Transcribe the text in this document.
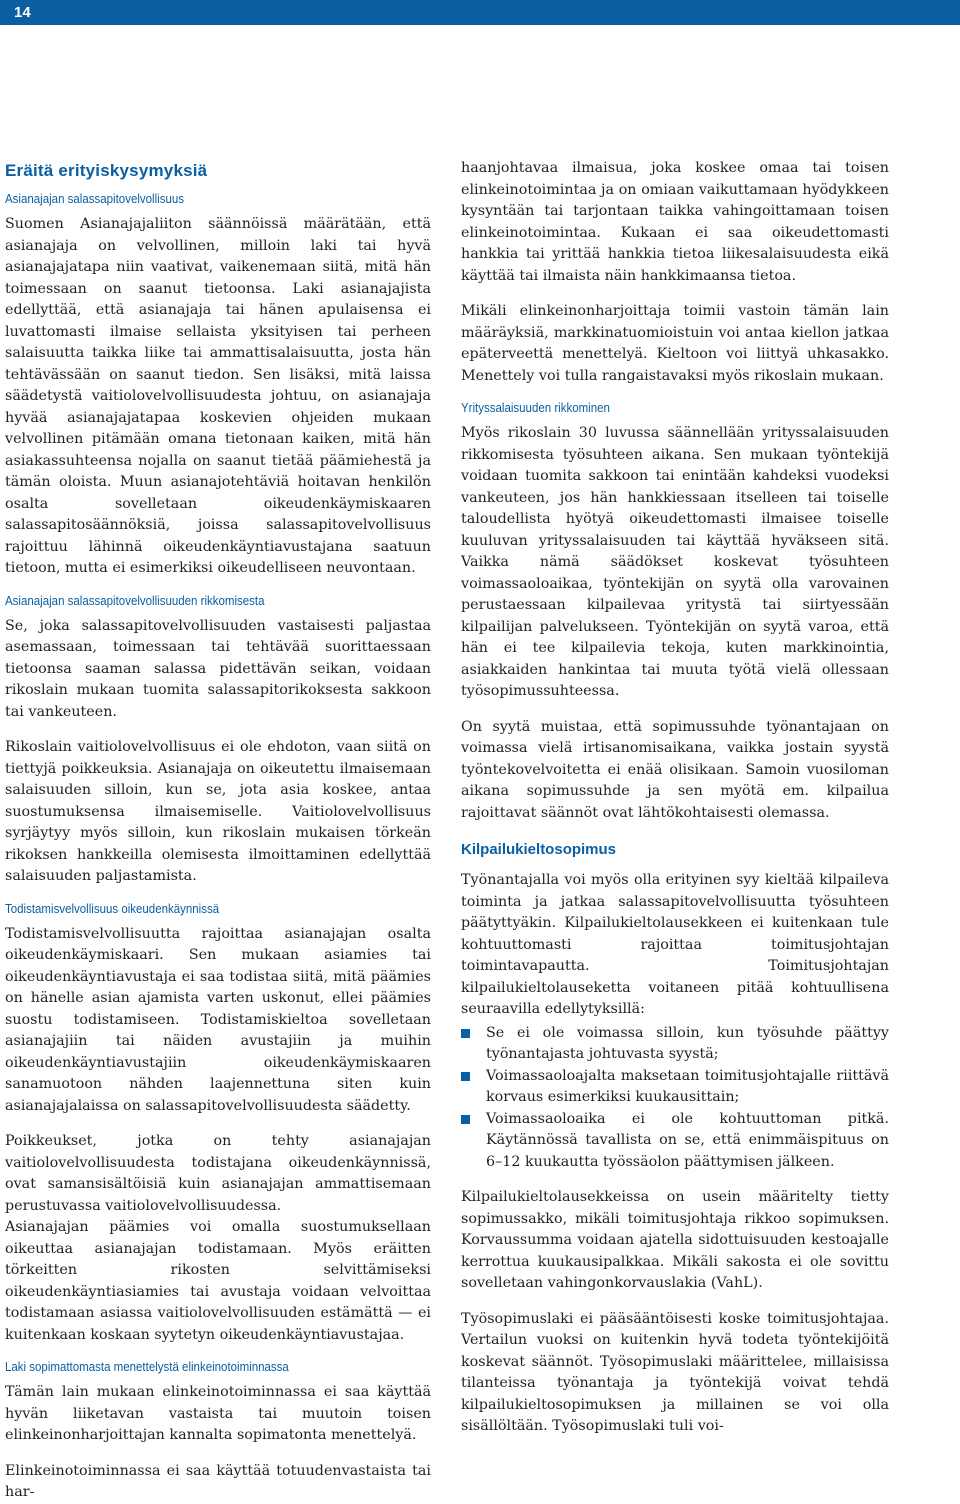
14
Eräitä erityiskysymyksiä
Asianajajan salassapitovelvollisuus

Suomen Asianajajaliiton säännöissä määrätään, että asianajaja on velvollinen, milloin laki tai hyvä asianajajatapa niin vaativat, vaikenemaan siitä, mitä hän toimessaan on saanut tietoonsa. Laki asianajajista edellyttää, että asianajaja tai hänen apulaisensa ei luvattomasti ilmaise sellaista yksityisen tai perheen salaisuutta taikka liike tai ammattisalaisuutta, josta hän tehtävässään on saanut tiedon. Sen lisäksi, mitä laissa säädetystä vaitiolovelvollisuudesta johtuu, on asianajaja hyvää asianajajatapaa koskevien ohjeiden mukaan velvollinen pitämään omana tietonaan kaiken, mitä hän asiakassuhteensa nojalla on saanut tietää päämiehestä ja tämän oloista. Muun asianajotehtäviä hoitavan henkilön osalta sovelletaan oikeudenkäymiskaaren salassapitosäännöksiä, joissa salassapitovelvollisuus rajoittuu lähinnä oikeudenkäyntiavustajana saatuun tietoon, mutta ei esimerkiksi oikeudelliseen neuvontaan.

Asianajajan salassapitovelvollisuuden rikkomisesta

Se, joka salassapitovelvollisuuden vastaisesti paljastaa asemassaan, toimessaan tai tehtävää suorittaessaan tietoonsa saaman salassa pidettävän seikan, voidaan rikoslain mukaan tuomita salassapitorikoksesta sakkoon tai vankeuteen.

Rikoslain vaitiolovelvollisuus ei ole ehdoton, vaan siitä on tiettyjä poikkeuksia. Asianajaja on oikeutettu ilmaisemaan salaisuuden silloin, kun se, jota asia koskee, antaa suostumuksensa ilmaisemiselle. Vaitiolovelvollisuus syrjäytyy myös silloin, kun rikoslain mukaisen törkeän rikoksen hankkeilla olemisesta ilmoittaminen edellyttää salaisuuden paljastamista.

Todistamisvelvollisuus oikeudenkäynnissä

Todistamisvelvollisuutta rajoittaa asianajajan osalta oikeudenkäymiskaari. Sen mukaan asiamies tai oikeudenkäyntiavustaja ei saa todistaa siitä, mitä päämies on hänelle asian ajamista varten uskonut, ellei päämies suostu todistamiseen. Todistamiskieltoa sovelletaan asianajajiin tai näiden avustajiin ja muihin oikeudenkäyntiavustajiin oikeudenkäymiskaaren sanamuotoon nähden laajennettuna siten kuin asianajajalaissa on salassapitovelvollisuudesta säädetty.

Poikkeukset, jotka on tehty asianajajan vaitiolovelvollisuudesta todistajana oikeudenkäynnissä, ovat samansisältöisiä kuin asianajajan ammattisemaan perustuvassa vaitiolovelvollisuudessa.

Asianajajan päämies voi omalla suostumuksellaan oikeuttaa asianajajan todistamaan. Myös eräitten törkeitten rikosten selvittämiseksi oikeudenkäyntiasiamies tai avustaja voidaan velvoittaa todistamaan asiassa vaitiolovelvollisuuden estämättä — ei kuitenkaan koskaan syytetyn oikeudenkäyntiavustajaa.

Laki sopimattomasta menettelystä elinkeinotoiminnassa

Tämän lain mukaan elinkeinotoiminnassa ei saa käyttää hyvän liiketavan vastaista tai muutoin toisen elinkeinonharjoittajan kannalta sopimatonta menettelyä.

Elinkeinotoiminnassa ei saa käyttää totuudenvastaista tai har-

haanjohtavaa ilmaisua, joka koskee omaa tai toisen elinkeinotoimintaa ja on omiaan vaikuttamaan hyödykkeen kysyntään tai tarjontaan taikka vahingoittamaan toisen elinkeinotoimintaa. Kukaan ei saa oikeudettomasti hankkia tai yrittää hankkia tietoa liikesalaisuudesta eikä käyttää tai ilmaista näin hankkimaansa tietoa.

Mikäli elinkeinonharjoittaja toimii vastoin tämän lain määräyksiä, markkinatuomioistuin voi antaa kiellon jatkaa epäterveettä menettelyä. Kieltoon voi liittyä uhkasakko. Menettely voi tulla rangaistavaksi myös rikoslain mukaan.

Yrityssalaisuuden rikkominen

Myös rikoslain 30 luvussa säännellään yrityssalaisuuden rikkomisesta työsuhteen aikana. Sen mukaan työntekijä voidaan tuomita sakkoon tai enintään kahdeksi vuodeksi vankeuteen, jos hän hankkiessaan itselleen tai toiselle taloudellista hyötyä oikeudettomasti ilmaisee toiselle kuuluvan yrityssalaisuuden tai käyttää hyväkseen sitä. Vaikka nämä säädökset koskevat työsuhteen voimassaoloaikaa, työntekijän on syytä olla varovainen perustaessaan kilpailevaa yritystä tai siirtyessään kilpailijan palvelukseen. Työntekijän on syytä varoa, että hän ei tee kilpailevia tekoja, kuten markkinointia, asiakkaiden hankintaa tai muuta työtä vielä ollessaan työsopimussuhteessa.

On syytä muistaa, että sopimussuhde työnantajaan on voimassa vielä irtisanomisaikana, vaikka jostain syystä työntekovelvoitetta ei enää olisikaan. Samoin vuosiloman aikana sopimussuhde ja sen myötä em. kilpailua rajoittavat säännöt ovat lähtökohtaisesti olemassa.

Kilpailukieltosopimus

Työnantajalla voi myös olla erityinen syy kieltää kilpaileva toiminta ja jatkaa salassapitovelvollisuutta työsuhteen päätyttyäkin. Kilpailukieltolausekkeen ei kuitenkaan tule kohtuuttomasti rajoittaa toimitusjohtajan toimintavapautta. Toimitusjohtajan kilpailukieltolauseketta voitaneen pitää kohtuullisena seuraavilla edellytyksillä:

Se ei ole voimassa silloin, kun työsuhde päättyy työnantajasta johtuvasta syystä;
Voimassaoloajalta maksetaan toimitusjohtajalle riittävä korvaus esimerkiksi kuukausittain;
Voimassaoloaika ei ole kohtuuttoman pitkä. Käytännössä tavallista on se, että enimmäispituus on 6–12 kuukautta työssäolon päättymisen jälkeen.

Kilpailukieltolausekkeissa on usein määritelty tietty sopimussakko, mikäli toimitusjohtaja rikkoo sopimuksen. Korvaussumma voidaan ajatella sidottuisuuden kestoajalle kerrottua kuukausipalkkaa. Mikäli sakosta ei ole sovittu sovelletaan vahingonkorvauslakia (VahL).

Työsopimuslaki ei pääsääntöisesti koske toimitusjohtajaa. Vertailun vuoksi on kuitenkin hyvä todeta työntekijöitä koskevat säännöt. Työsopimuslaki määrittelee, millaisissa tilanteissa työnantaja ja työntekijä voivat tehdä kilpailukieltosopimuksen ja millainen se voi olla sisällöltään. Työsopimuslaki tuli voi-
